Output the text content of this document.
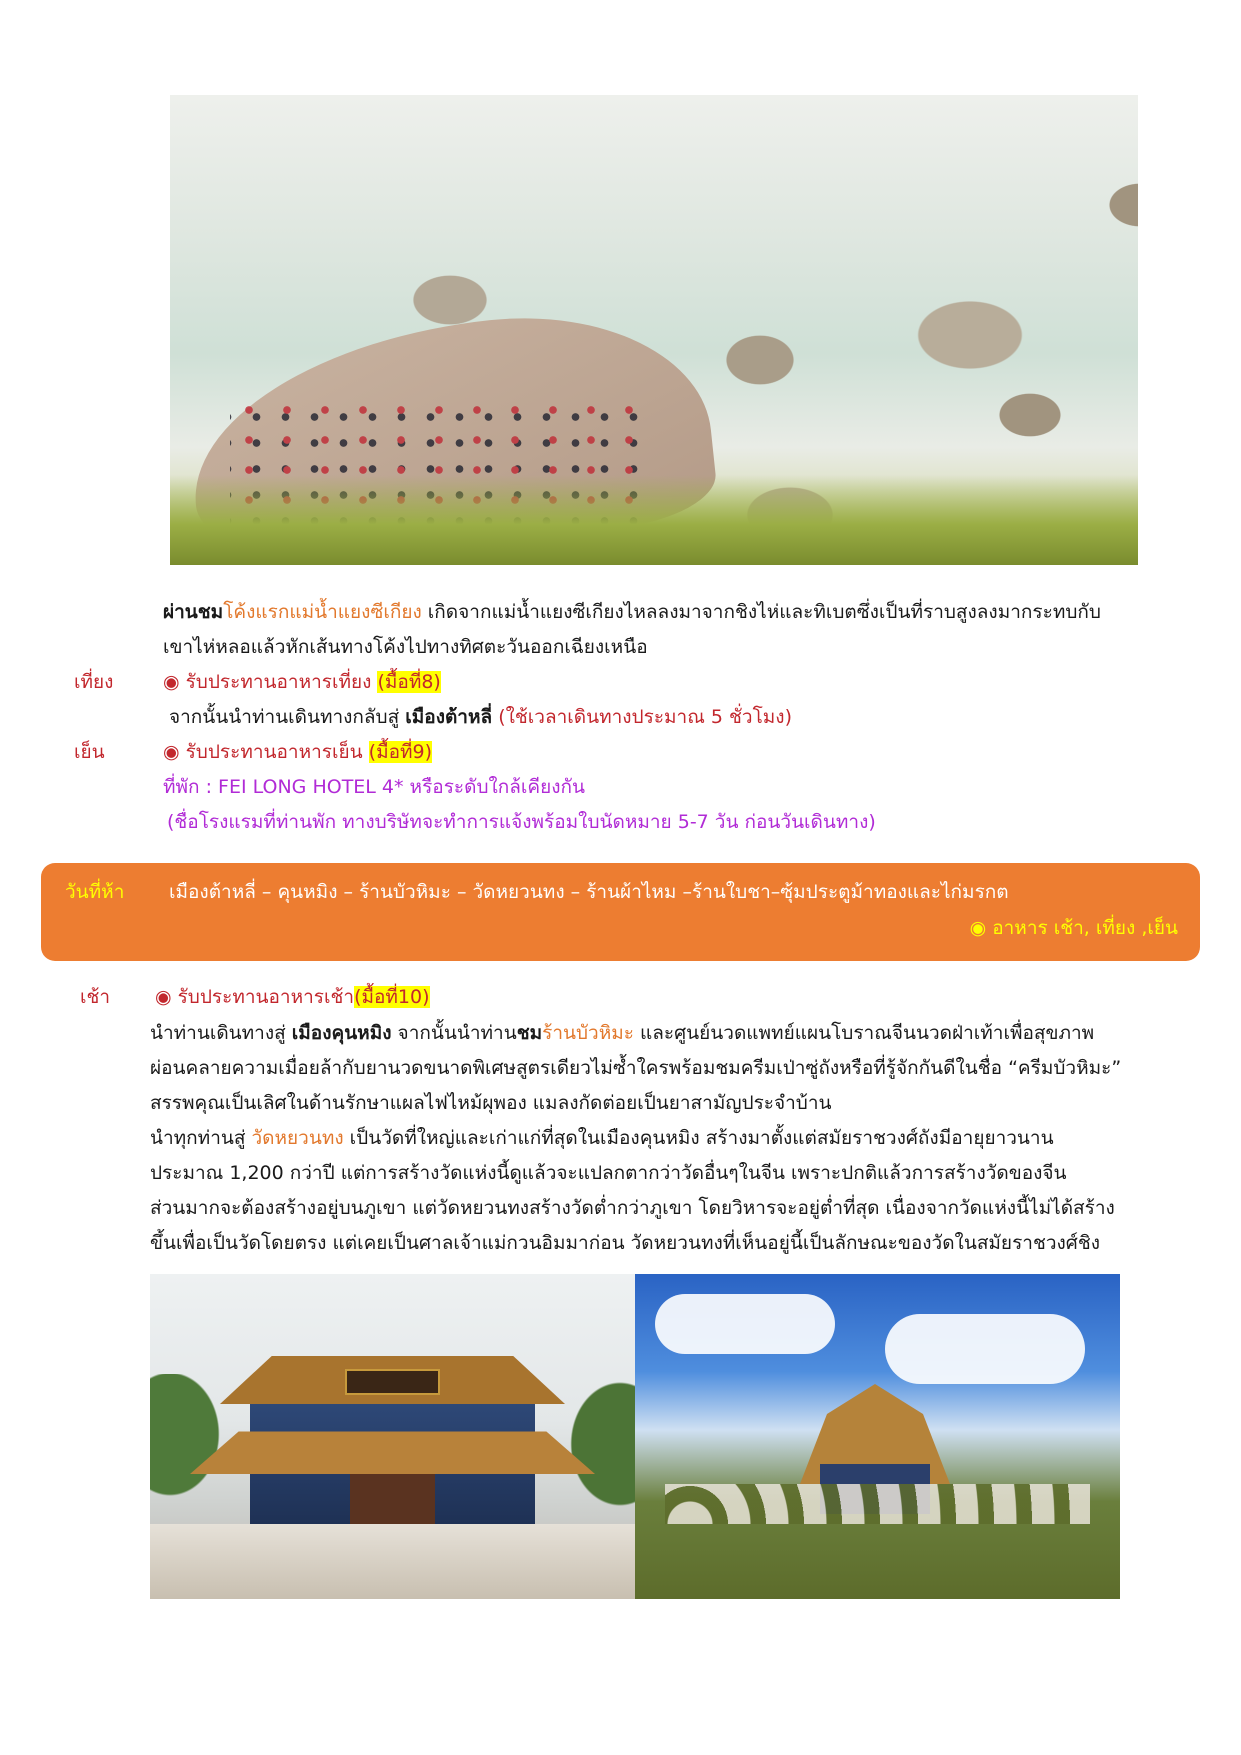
ผ่านชมโค้งแรกแม่น้ำแยงซีเกียง เกิดจากแม่น้ำแยงซีเกียงไหลลงมาจากชิงไห่และทิเบตซึ่งเป็นที่ราบสูงลงมากระทบกับ
เขาไห่หลอแล้วหักเส้นทางโค้งไปทางทิศตะวันออกเฉียงเหนือ
เที่ยง	◉ รับประทานอาหารเที่ยง (มื้อที่8)
จากนั้นนำท่านเดินทางกลับสู่ เมืองต้าหลี่ (ใช้เวลาเดินทางประมาณ 5 ชั่วโมง)
เย็น	◉ รับประทานอาหารเย็น (มื้อที่9)
ที่พัก : FEI LONG HOTEL 4* หรือระดับใกล้เคียงกัน
(ชื่อโรงแรมที่ท่านพัก ทางบริษัทจะทำการแจ้งพร้อมใบนัดหมาย 5-7 วัน ก่อนวันเดินทาง)
วันที่ห้า เมืองต้าหลี่ – คุนหมิง – ร้านบัวหิมะ – วัดหยวนทง – ร้านผ้าไหม –ร้านใบชา–ซุ้มประตูม้าทองและไก่มรกต
◉ อาหาร เช้า, เที่ยง ,เย็น
เช้า ◉ รับประทานอาหารเช้า(มื้อที่10)
นำท่านเดินทางสู่ เมืองคุนหมิง จากนั้นนำท่านชมร้านบัวหิมะ และศูนย์นวดแพทย์แผนโบราณจีนนวดฝ่าเท้าเพื่อสุขภาพ
ผ่อนคลายความเมื่อยล้ากับยานวดขนาดพิเศษสูตรเดียวไม่ซ้ำใครพร้อมชมครีมเป่าซู่ถังหรือที่รู้จักกันดีในชื่อ “ครีมบัวหิมะ”
สรรพคุณเป็นเลิศในด้านรักษาแผลไฟไหม้ผุพอง แมลงกัดต่อยเป็นยาสามัญประจำบ้าน
นำทุกท่านสู่ วัดหยวนทง เป็นวัดที่ใหญ่และเก่าแก่ที่สุดในเมืองคุนหมิง สร้างมาตั้งแต่สมัยราชวงศ์ถังมีอายุยาวนาน
ประมาณ 1,200 กว่าปี แต่การสร้างวัดแห่งนี้ดูแล้วจะแปลกตากว่าวัดอื่นๆในจีน เพราะปกติแล้วการสร้างวัดของจีน
ส่วนมากจะต้องสร้างอยู่บนภูเขา แต่วัดหยวนทงสร้างวัดต่ำกว่าภูเขา โดยวิหารจะอยู่ต่ำที่สุด เนื่องจากวัดแห่งนี้ไม่ได้สร้าง
ขึ้นเพื่อเป็นวัดโดยตรง แต่เคยเป็นศาลเจ้าแม่กวนอิมมาก่อน วัดหยวนทงที่เห็นอยู่นี้เป็นลักษณะของวัดในสมัยราชวงศ์ชิง
